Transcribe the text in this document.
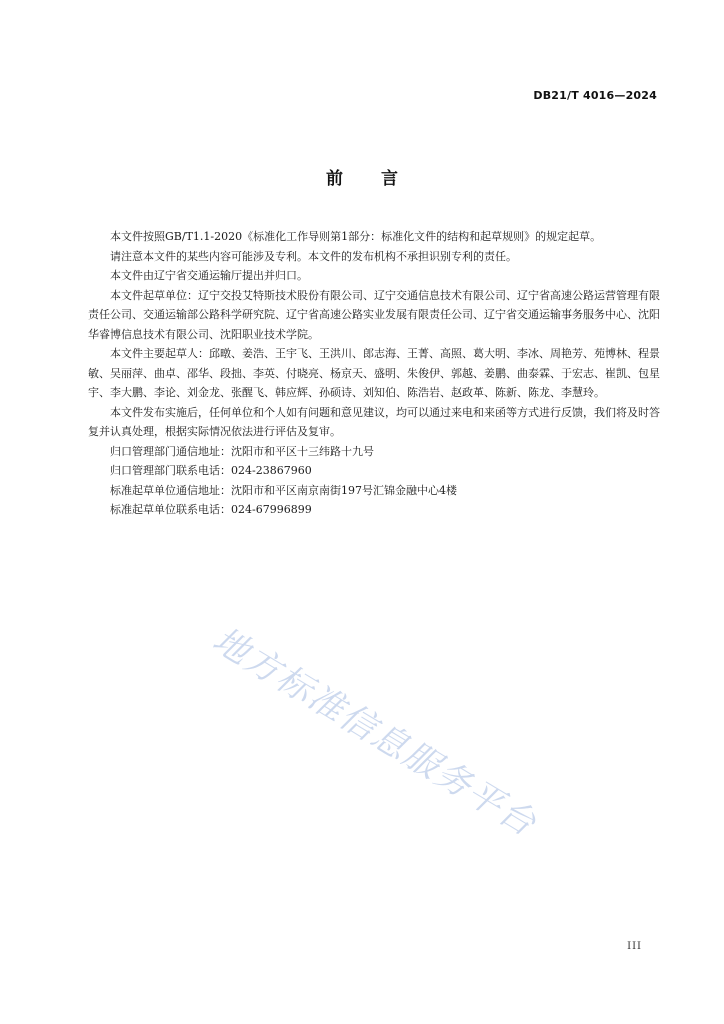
DB21/T 4016—2024
前言

本文件按照GB/T1.1-2020《标准化工作导则第1部分：标准化文件的结构和起草规则》的规定起草。

请注意本文件的某些内容可能涉及专利。本文件的发布机构不承担识别专利的责任。

本文件由辽宁省交通运输厅提出并归口。

本文件起草单位：辽宁交投艾特斯技术股份有限公司、辽宁交通信息技术有限公司、辽宁省高速公路运营管理有限责任公司、交通运输部公路科学研究院、辽宁省高速公路实业发展有限责任公司、辽宁省交通运输事务服务中心、沈阳华睿博信息技术有限公司、沈阳职业技术学院。

本文件主要起草人：邱暾、姜浩、王宇飞、王洪川、郎志海、王菁、高照、葛大明、李冰、周艳芳、苑博林、程景敏、吴丽萍、曲卓、邵华、段拙、李英、付晓亮、杨京天、盛明、朱俊伊、郭越、姜鹏、曲泰霖、于宏志、崔凯、包星宇、李大鹏、李论、刘金龙、张醒飞、韩应辉、孙硕诗、刘知伯、陈浩岩、赵政革、陈新、陈龙、李慧玲。

本文件发布实施后，任何单位和个人如有问题和意见建议，均可以通过来电和来函等方式进行反馈，我们将及时答复并认真处理，根据实际情况依法进行评估及复审。

归口管理部门通信地址：沈阳市和平区十三纬路十九号

归口管理部门联系电话：024-23867960

标准起草单位通信地址：沈阳市和平区南京南街197号汇锦金融中心4楼

标准起草单位联系电话：024-67996899

地方标准信息服务平台
III
